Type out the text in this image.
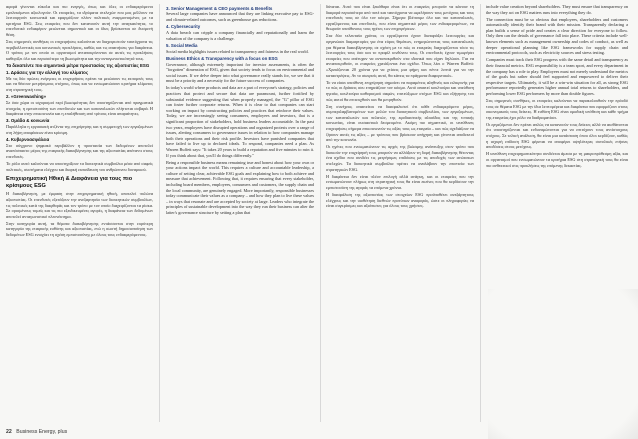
αφορά γίνονται εύκολα και πιο ενεργές, όπως και όλες οι ενδιαφερόμενοι εμπλεκόμενοι αξιολογούν. Οι εταιρείες, τα ιδρύματα στελεχών που μας μέλλουν να λειτουργούν κοινωνικά και εφαρμόζουν πλέον πολιτικές εναρμονισμένες με τα κριτήρια ESG. Στις εταιρείες που δεν κατανοούν αυτή την αναγκαιότητα, το επενδυτικό ενδιαφέρον μειώνεται σημαντικά και οι ίδιες βρίσκονται σε δυσμενή θέση.

Στις σημερινές συνθήκες οι επιχειρήσεις καλούνται να διαχειριστούν ταυτόχρονα τις περιβαλλοντικές και κοινωνικές προκλήσεις, καθώς και τις απαιτήσεις για διαφάνεια. Ο τρόπος με τον οποίο οι οργανισμοί ανταποκρίνονται σε αυτές τις προκλήσεις καθορίζει όλο και περισσότερο τη βιωσιμότητα και την ανταγωνιστικότητά τους.

Τα δεκαπέντε πιο σημαντικά μέτρα προστασίας της αξιοπιστίας ESG
1. Δράσεις για την αλλαγή του κλίματος

Με τις δύο πρώτες ενέργειες οι επιχειρήσεις πρέπει να μειώσουν τις εκπομπές τους και να θέσουν μετρήσιμους στόχους, όπως και να ενσωματώσουν κριτήρια κλίματος στη στρατηγική τους.

2. «Greenwashing»

Σε όσα χώρα οι ισχυρισμοί περί βιωσιμότητας δεν υποστηρίζονται από πραγματικά στοιχεία, η εμπιστοσύνη των επενδυτών και των καταναλωτών πλήττεται σοβαρά. Η διαφάνεια στην επικοινωνία και η επαλήθευση από τρίτους είναι απαραίτητες.

3. Ομάδα & κοινωνία

Παράλληλα η εργασιακή ατζέντα της επιχείρησης και η συμμετοχή των εργαζομένων στη λήψη αποφάσεων είναι κρίσιμη.

4. Κυβερνοασφάλεια

Στο σύγχρονο ψηφιακό περιβάλλον η προστασία των δεδομένων αποτελεί αναπόσπαστο μέρος της εταιρικής διακυβέρνησης και της αξιοπιστίας απέναντι στους επενδυτές.

Το ρόλο αυτό καλούνται να υποστηρίξουν τα διοικητικά συμβούλια μέσα από σαφείς πολιτικές, συστήματα ελέγχου και διαρκή εκπαίδευση του ανθρώπινου δυναμικού.

Επιχειρηματική Ηθική & Διαφάνεια για τους πιο κρίσιμους ESG

Η διακυβέρνηση, με έμφαση στην επιχειρηματική ηθική, αποτελεί πυλώνα αξιοπιστίας. Οι επενδυτές εξετάζουν την ανεξαρτησία των διοικητικών συμβουλίων, τις πολιτικές κατά της διαφθοράς και τον τρόπο με τον οποίο διαχειρίζονται τα ρίσκα. Σε ορισμένους τομείς και τις πιο εξειδικευμένες αγορές, η διαφάνεια των δεδομένων αποτελεί ανταγωνιστικό πλεονέκτημα.

Στην κατηγορία αυτή, τα θέματα διακυβέρνησης εντάσσονται στην ευρύτερη κατηγορία της εταιρικής ευθύνης και αξιοπιστίας, ενώ η σωστή δημοσιοποίηση των δεδομένων ESG ενισχύει τη σχέση εμπιστοσύνης με όλους τους ενδιαφερόμενους.

3. Senior Management & CEO payments & Benefits

Several large companies have announced that they are linking executive pay to ESG- and climate-related outcomes, such as greenhouse gas reductions.

4. Cybersecurity

A data breach can cripple a company financially and reputationally and harm the valuation of the company is a challenge.

5. Social Media

Social media highlights issues related to transparency and fairness in the real world.

Business Ethics & Transparency with a focus on ESG

Governance, although extremely important for investor assessments, is often the "forgotten" dimension of ESG, given that society tends to focus on environmental and social issues. If we delve deeper into what governance really stands for, we see that it must be a priority and a necessity for the future success of companies.

In today's world where products and data are a part of everyone's strategy, policies and practices that protect and secure that data are paramount, further fortified by substantial evidence suggesting that when properly managed, the "G" pillar of ESG can foster further corporate returns. When it is clear to that companies can start working on impact by constructing policies and practices that reinforce their values. Today, we are increasingly seeing consumers, employees and investors, that is a significant proportion of stakeholders, hold business leaders accountable. In the past two years, employees have disrupted operations and organized protests over a range of issues, alerting consumers to governance issues in relation to how companies manage both their operations and their risk profile. Investors have punished companies that have failed to live up to declared ideals. To respond, companies need a plan. As Warren Buffett says: "It takes 20 years to build a reputation and five minutes to ruin it. If you think about that, you'll do things differently."

Being a responsible business means remaining true and honest about how your own or your actions impact the world. This requires a culture and accountable leadership, a culture of setting clear, achievable ESG goals and explaining how to both achieve and measure that achievement. Following that, it requires ensuring that every stakeholder, including board members, employees, consumers and customers, the supply chain and the local community, are genuinely engaged. More importantly, responsible businesses today communicate their values as a company – and how they plan to live these values – in ways that resonate and are accepted by society at large. Leaders who integrate the principles of sustainable development into the way they run their business can alter the latter's governance structure by setting a plan that

δύναται. Αυτό που είναι ξεκάθαρο είναι ότι οι εταιρείες μπορούν να κάνουν τη διαφορά περισσότερο από ποτέ και ταυτόχρονα να ωφελήσουν τους μετόχους και τους επενδυτές τους σε όλο τον κόσμο. Σήμερα βλέπουμε όλο και πιο καταναλωτές, εργαζόμενους και επενδυτές, που είναι σημαντικό μέρος των ενδιαφερομένων, να θεωρούν υπεύθυνους τους ηγέτες των επιχειρήσεων.

Στα δύο τελευταία χρόνια, οι εργαζόμενοι έχουν διαταράξει λειτουργίες και οργανώσει διαμαρτυρίες για ένα εύρος θεμάτων, ενημερώνοντας τους καταναλωτές για θέματα διακυβέρνησης σε σχέση με το πώς οι εταιρείες διαχειρίζονται τόσο τις λειτουργίες τους όσο και το προφίλ κινδύνου τους. Οι επενδυτές έχουν τιμωρήσει εταιρείες που απέτυχαν να ανταποκριθούν στα ιδανικά που είχαν δηλώσει. Για να ανταποκριθούν, οι εταιρείες χρειάζονται ένα σχέδιο. Όπως λέει ο Warren Buffett: «Χρειάζονται 20 χρόνια για να χτίσεις μια φήμη και πέντε λεπτά για να την καταστρέψεις. Αν το σκεφτείς αυτό, θα κάνεις τα πράγματα διαφορετικά».

Το να είσαι υπεύθυνη επιχείρηση σημαίνει να παραμένεις αληθινός και ειλικρινής για το πώς οι δράσεις σου επηρεάζουν τον κόσμο. Αυτό απαιτεί κουλτούρα και υπεύθυνη ηγεσία, κουλτούρα καθορισμού σαφών, επιτεύξιμων στόχων ESG και εξήγησης του πώς αυτοί θα επιτευχθούν και θα μετρηθούν.

Στη συνέχεια, απαιτείται να διασφαλιστεί ότι κάθε ενδιαφερόμενο μέρος, συμπεριλαμβανομένων των μελών του διοικητικού συμβουλίου, των εργαζομένων, των καταναλωτών και πελατών, της εφοδιαστικής αλυσίδας και της τοπικής κοινωνίας, είναι ουσιαστικά δεσμευμένο. Ακόμη πιο σημαντικό, οι υπεύθυνες επιχειρήσεις σήμερα επικοινωνούν τις αξίες τους ως εταιρεία – και πώς σχεδιάζουν να ζήσουν αυτές τις αξίες – με τρόπους που βρίσκουν απήχηση και γίνονται αποδεκτοί από την κοινωνία.

Οι ηγέτες που ενσωματώνουν τις αρχές της βιώσιμης ανάπτυξης στον τρόπο που διοικούν την επιχείρησή τους μπορούν να αλλάξουν τη δομή διακυβέρνησης θέτοντας ένα σχέδιο που συνδέει τις μετρήσιμες επιδόσεις με τις αποδοχές των ανώτατων στελεχών. Τα διοικητικά συμβούλια πρέπει να αναλάβουν την εποπτεία των στρατηγικών ESG.

Η διαφάνεια δεν είναι πλέον επιλογή αλλά ανάγκη, και οι εταιρείες που την ενσωματώνουν πλήρως στη στρατηγική τους θα είναι εκείνες που θα κερδίσουν την εμπιστοσύνη της αγοράς τα επόμενα χρόνια.

Η διασφάλιση της αξιοπιστίας των στοιχείων ESG προϋποθέτει ανεξάρτητους ελέγχους και την υιοθέτηση διεθνών προτύπων αναφοράς, ώστε οι πληροφορίες να είναι συγκρίσιμες και αξιόπιστες για όλους τους χρήστες.

include value creation beyond shareholders. They must ensure that transparency on the way they act on ESG matters runs into everything they do.

The connection must be so obvious that employees, shareholders and customers automatically identify their brand with their mission. Transparently declaring a plan builds a sense of pride and creates a clear direction for everyone to follow. Only then can the details of governance fall into place. These criteria include well-known elements such as management ownership and codes of conduct, as well as deeper operational planning like ESG frameworks for supply chain and environmental protocols, such as electricity sources and stress testing.

Companies must track their ESG progress with the same detail and transparency as their financial metrics. ESG responsibility is a team sport, and every department in the company has a role to play. Employees must not merely understand the metrics of the goals but rather should feel supported and empowered to deliver their respective targets. Ultimately, it will be a win-win situation for all, as strong ESG performance reportedly generates higher annual total returns to shareholders, and performing lower ESG performers by more than double figures.

Στις σημερινές συνθήκες, οι εταιρείες καλούνται να παρακολουθούν την πρόοδό τους σε θέματα ESG με την ίδια λεπτομέρεια και διαφάνεια που εφαρμόζουν στους οικονομικούς τους δείκτες. Η ευθύνη ESG είναι ομαδική υπόθεση και κάθε τμήμα της εταιρείας έχει ρόλο να διαδραματίσει.

Οι εργαζόμενοι δεν πρέπει απλώς να κατανοούν τους δείκτες αλλά να αισθάνονται ότι υποστηρίζονται και ενδυναμώνονται για να επιτύχουν τους αντίστοιχους στόχους. Σε τελική ανάλυση, θα είναι μια κατάσταση όπου όλοι κερδίζουν, καθώς η ισχυρή επίδοση ESG φέρεται να αποφέρει υψηλότερες συνολικές ετήσιες αποδόσεις στους μετόχους.

Η υπεύθυνη επιχειρηματικότητα συνδέεται άμεσα με τη μακροπρόθεσμη αξία, και οι οργανισμοί που ενσωματώνουν τα κριτήρια ESG στη στρατηγική τους θα είναι πιο ανθεκτικοί στις προκλήσεις της επόμενης δεκαετίας.

22 Business Energy, plus
